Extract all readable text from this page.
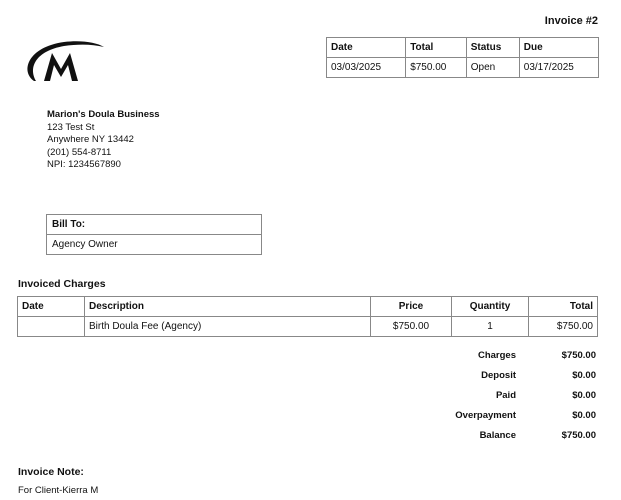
Invoice #2
Date	Total	Status	Due
03/03/2025	$750.00	Open	03/17/2025
Marion's Doula Business
123 Test St
Anywhere NY 13442
(201) 554-8711
NPI: 1234567890
Bill To:
Agency Owner
Invoiced Charges
Date	Description	Price	Quantity	Total
	Birth Doula Fee (Agency)	$750.00	1	$750.00
Charges	$750.00
Deposit	$0.00
Paid	$0.00
Overpayment	$0.00
Balance	$750.00
Invoice Note:
For Client-Kierra M
